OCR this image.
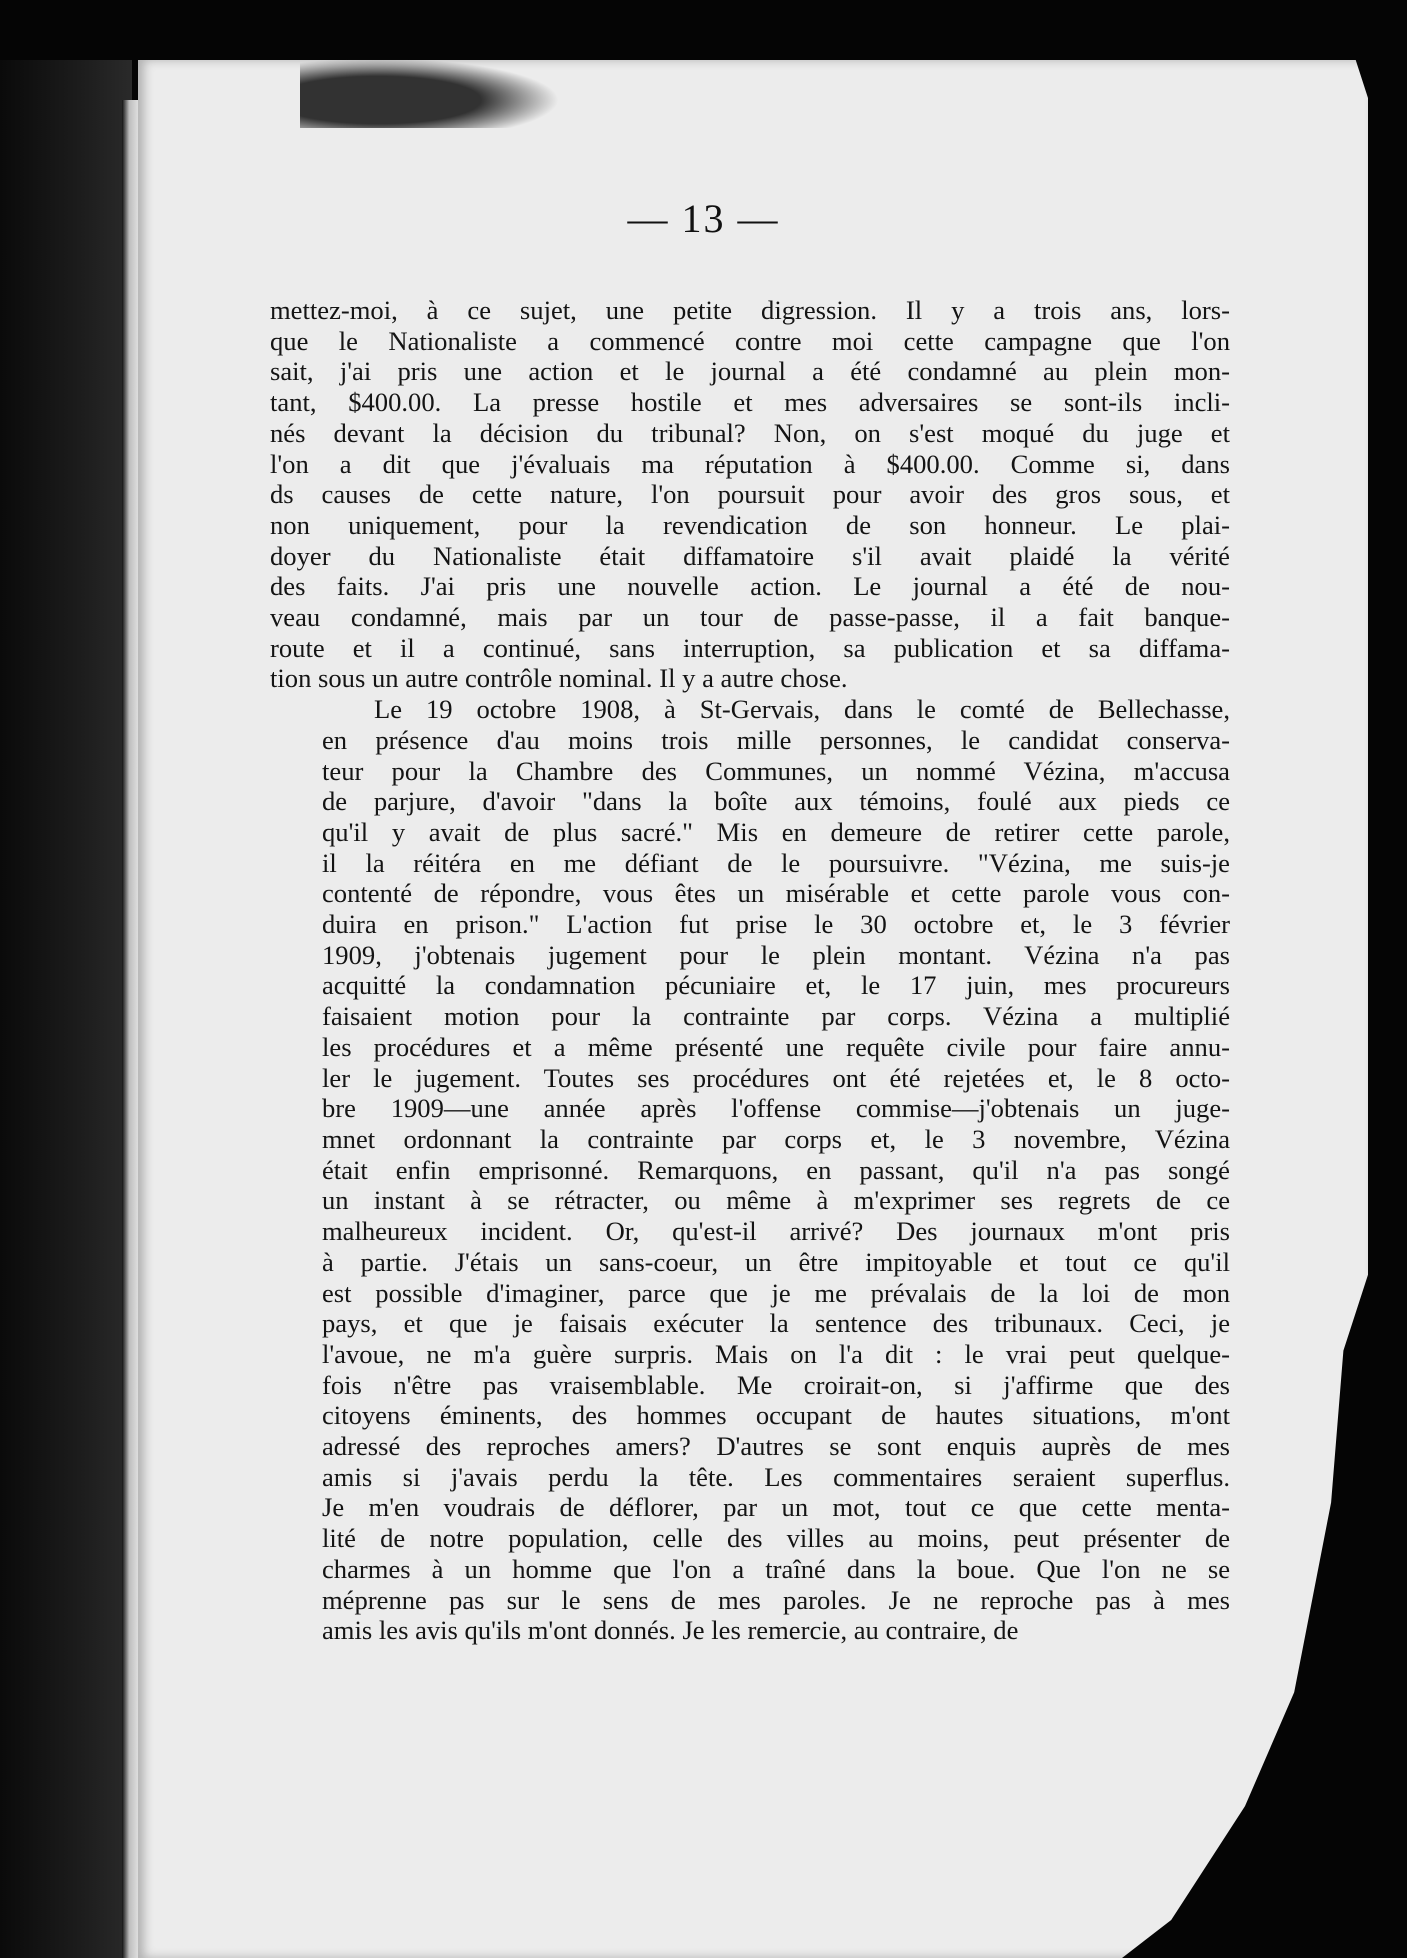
— 13 —

mettez-moi, à ce sujet, une petite digression. Il y a trois ans, lors-
que le Nationaliste a commencé contre moi cette campagne que l'on
sait, j'ai pris une action et le journal a été condamné au plein mon-
tant, $400.00. La presse hostile et mes adversaires se sont-ils incli-
nés devant la décision du tribunal? Non, on s'est moqué du juge et
l'on a dit que j'évaluais ma réputation à $400.00. Comme si, dans
ds causes de cette nature, l'on poursuit pour avoir des gros sous, et
non uniquement, pour la revendication de son honneur. Le plai-
doyer du Nationaliste était diffamatoire s'il avait plaidé la vérité
des faits. J'ai pris une nouvelle action. Le journal a été de nou-
veau condamné, mais par un tour de passe-passe, il a fait banque-
route et il a continué, sans interruption, sa publication et sa diffama-
tion sous un autre contrôle nominal. Il y a autre chose.

Le 19 octobre 1908, à St-Gervais, dans le comté de Bellechasse,
en présence d'au moins trois mille personnes, le candidat conserva-
teur pour la Chambre des Communes, un nommé Vézina, m'accusa
de parjure, d'avoir "dans la boîte aux témoins, foulé aux pieds ce
qu'il y avait de plus sacré." Mis en demeure de retirer cette parole,
il la réitéra en me défiant de le poursuivre. "Vézina, me suis-je
contenté de répondre, vous êtes un misérable et cette parole vous con-
duira en prison." L'action fut prise le 30 octobre et, le 3 février
1909, j'obtenais jugement pour le plein montant. Vézina n'a pas
acquitté la condamnation pécuniaire et, le 17 juin, mes procureurs
faisaient motion pour la contrainte par corps. Vézina a multiplié
les procédures et a même présenté une requête civile pour faire annu-
ler le jugement. Toutes ses procédures ont été rejetées et, le 8 octo-
bre 1909—une année après l'offense commise—j'obtenais un juge-
mnet ordonnant la contrainte par corps et, le 3 novembre, Vézina
était enfin emprisonné. Remarquons, en passant, qu'il n'a pas songé
un instant à se rétracter, ou même à m'exprimer ses regrets de ce
malheureux incident. Or, qu'est-il arrivé? Des journaux m'ont pris
à partie. J'étais un sans-coeur, un être impitoyable et tout ce qu'il
est possible d'imaginer, parce que je me prévalais de la loi de mon
pays, et que je faisais exécuter la sentence des tribunaux. Ceci, je
l'avoue, ne m'a guère surpris. Mais on l'a dit : le vrai peut quelque-
fois n'être pas vraisemblable. Me croirait-on, si j'affirme que des
citoyens éminents, des hommes occupant de hautes situations, m'ont
adressé des reproches amers? D'autres se sont enquis auprès de mes
amis si j'avais perdu la tête. Les commentaires seraient superflus.
Je m'en voudrais de déflorer, par un mot, tout ce que cette menta-
lité de notre population, celle des villes au moins, peut présenter de
charmes à un homme que l'on a traîné dans la boue. Que l'on ne se
méprenne pas sur le sens de mes paroles. Je ne reproche pas à mes
amis les avis qu'ils m'ont donnés. Je les remercie, au contraire, de
